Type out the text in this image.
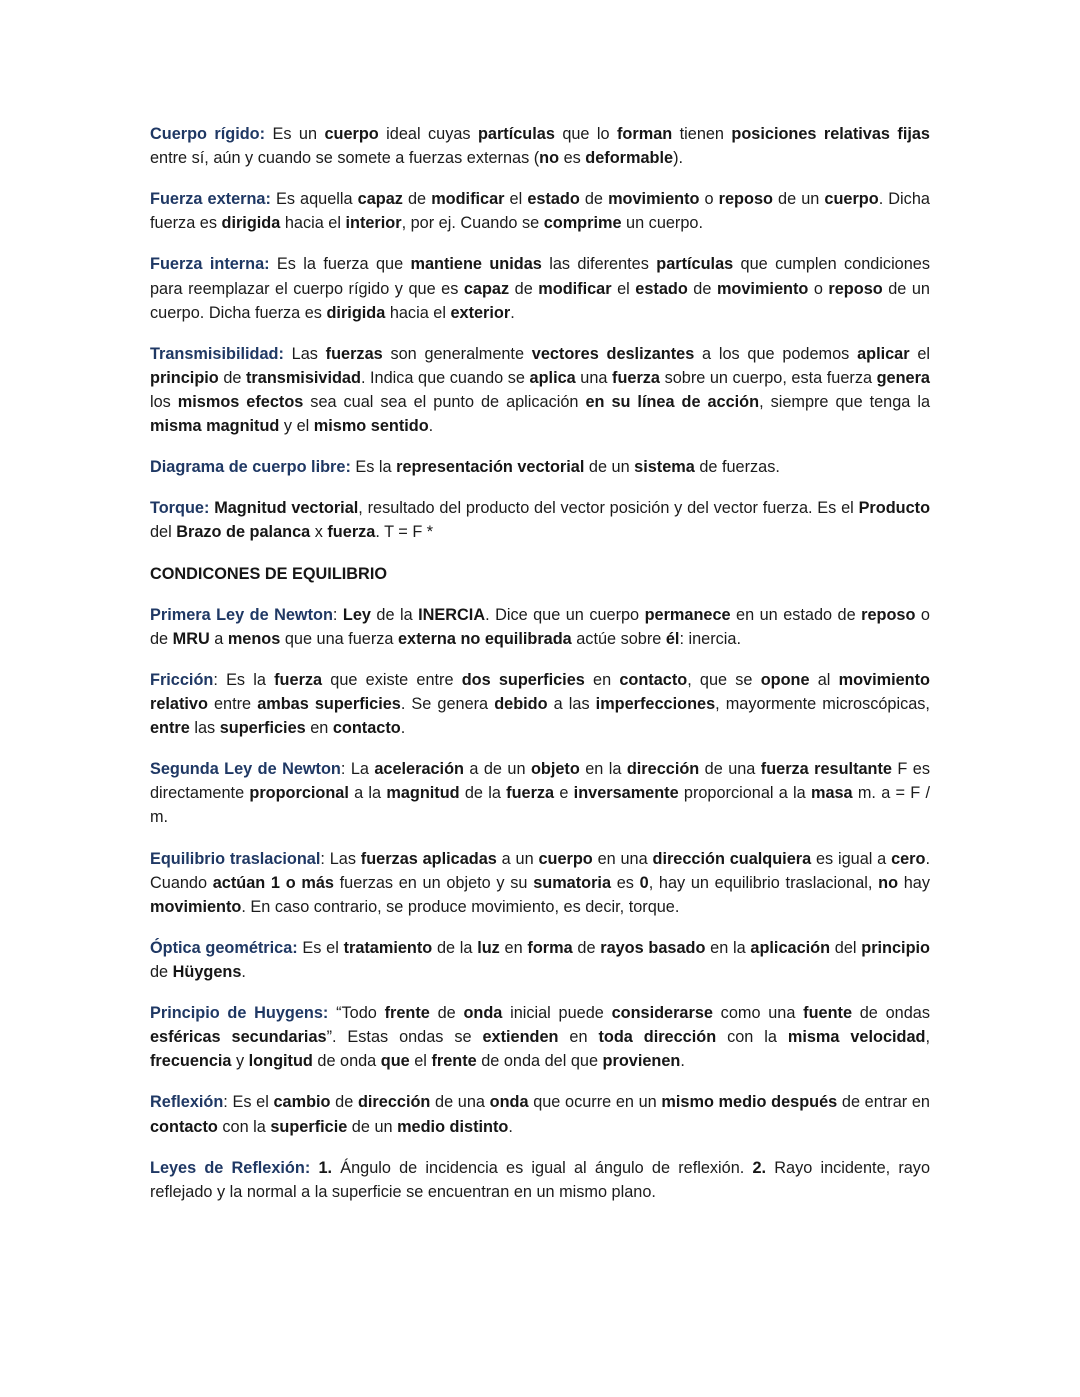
Cuerpo rígido: Es un cuerpo ideal cuyas partículas que lo forman tienen posiciones relativas fijas entre sí, aún y cuando se somete a fuerzas externas (no es deformable).

Fuerza externa: Es aquella capaz de modificar el estado de movimiento o reposo de un cuerpo. Dicha fuerza es dirigida hacia el interior, por ej. Cuando se comprime un cuerpo.

Fuerza interna: Es la fuerza que mantiene unidas las diferentes partículas que cumplen condiciones para reemplazar el cuerpo rígido y que es capaz de modificar el estado de movimiento o reposo de un cuerpo. Dicha fuerza es dirigida hacia el exterior.

Transmisibilidad: Las fuerzas son generalmente vectores deslizantes a los que podemos aplicar el principio de transmisividad. Indica que cuando se aplica una fuerza sobre un cuerpo, esta fuerza genera los mismos efectos sea cual sea el punto de aplicación en su línea de acción, siempre que tenga la misma magnitud y el mismo sentido.

Diagrama de cuerpo libre: Es la representación vectorial de un sistema de fuerzas.

Torque: Magnitud vectorial, resultado del producto del vector posición y del vector fuerza. Es el Producto del Brazo de palanca x fuerza. T = F *

CONDICONES DE EQUILIBRIO

Primera Ley de Newton: Ley de la INERCIA. Dice que un cuerpo permanece en un estado de reposo o de MRU a menos que una fuerza externa no equilibrada actúe sobre él: inercia.

Fricción: Es la fuerza que existe entre dos superficies en contacto, que se opone al movimiento relativo entre ambas superficies. Se genera debido a las imperfecciones, mayormente microscópicas, entre las superficies en contacto.

Segunda Ley de Newton: La aceleración a de un objeto en la dirección de una fuerza resultante F es directamente proporcional a la magnitud de la fuerza e inversamente proporcional a la masa m. a = F / m.

Equilibrio traslacional: Las fuerzas aplicadas a un cuerpo en una dirección cualquiera es igual a cero. Cuando actúan 1 o más fuerzas en un objeto y su sumatoria es 0, hay un equilibrio traslacional, no hay movimiento. En caso contrario, se produce movimiento, es decir, torque.

Óptica geométrica: Es el tratamiento de la luz en forma de rayos basado en la aplicación del principio de Hüygens.

Principio de Huygens: “Todo frente de onda inicial puede considerarse como una fuente de ondas esféricas secundarias”. Estas ondas se extienden en toda dirección con la misma velocidad, frecuencia y longitud de onda que el frente de onda del que provienen.

Reflexión: Es el cambio de dirección de una onda que ocurre en un mismo medio después de entrar en contacto con la superficie de un medio distinto.

Leyes de Reflexión: 1. Ángulo de incidencia es igual al ángulo de reflexión. 2. Rayo incidente, rayo reflejado y la normal a la superficie se encuentran en un mismo plano.
